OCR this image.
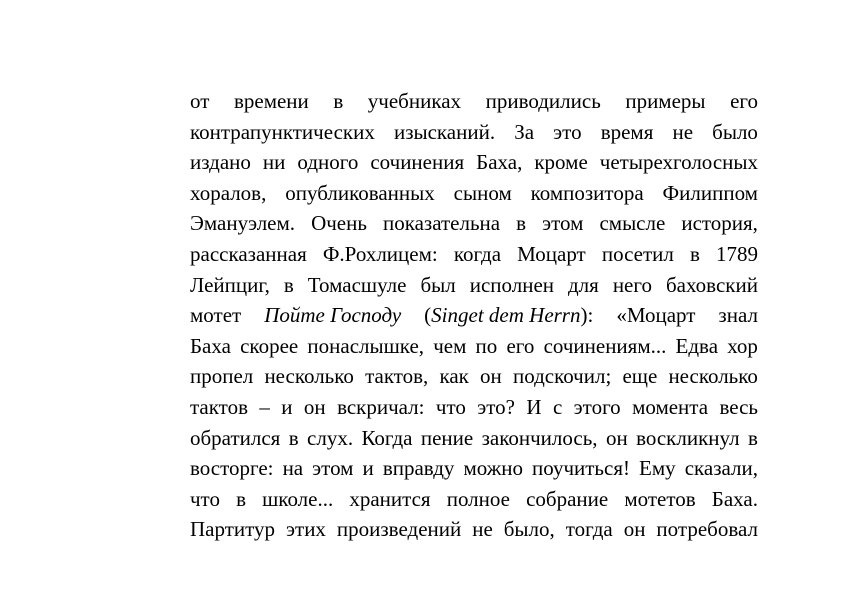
от времени в учебниках приводились примеры его
контрапунктических изысканий. За это время не было
издано ни одного сочинения Баха, кроме четырехголосных
хоралов, опубликованных сыном композитора Филиппом
Эмануэлем. Очень показательна в этом смысле история,
рассказанная Ф.Рохлицем: когда Моцарт посетил в 1789
Лейпциг, в Томасшуле был исполнен для него баховский
мотет Пойте Господу (Singet dem Herrn): «Моцарт знал
Баха скорее понаслышке, чем по его сочинениям... Едва хор
пропел несколько тактов, как он подскочил; еще несколько
тактов – и он вскричал: что это? И с этого момента весь
обратился в слух. Когда пение закончилось, он воскликнул в
восторге: на этом и вправду можно поучиться! Ему сказали,
что в школе... хранится полное собрание мотетов Баха.
Партитур этих произведений не было, тогда он потребовал
